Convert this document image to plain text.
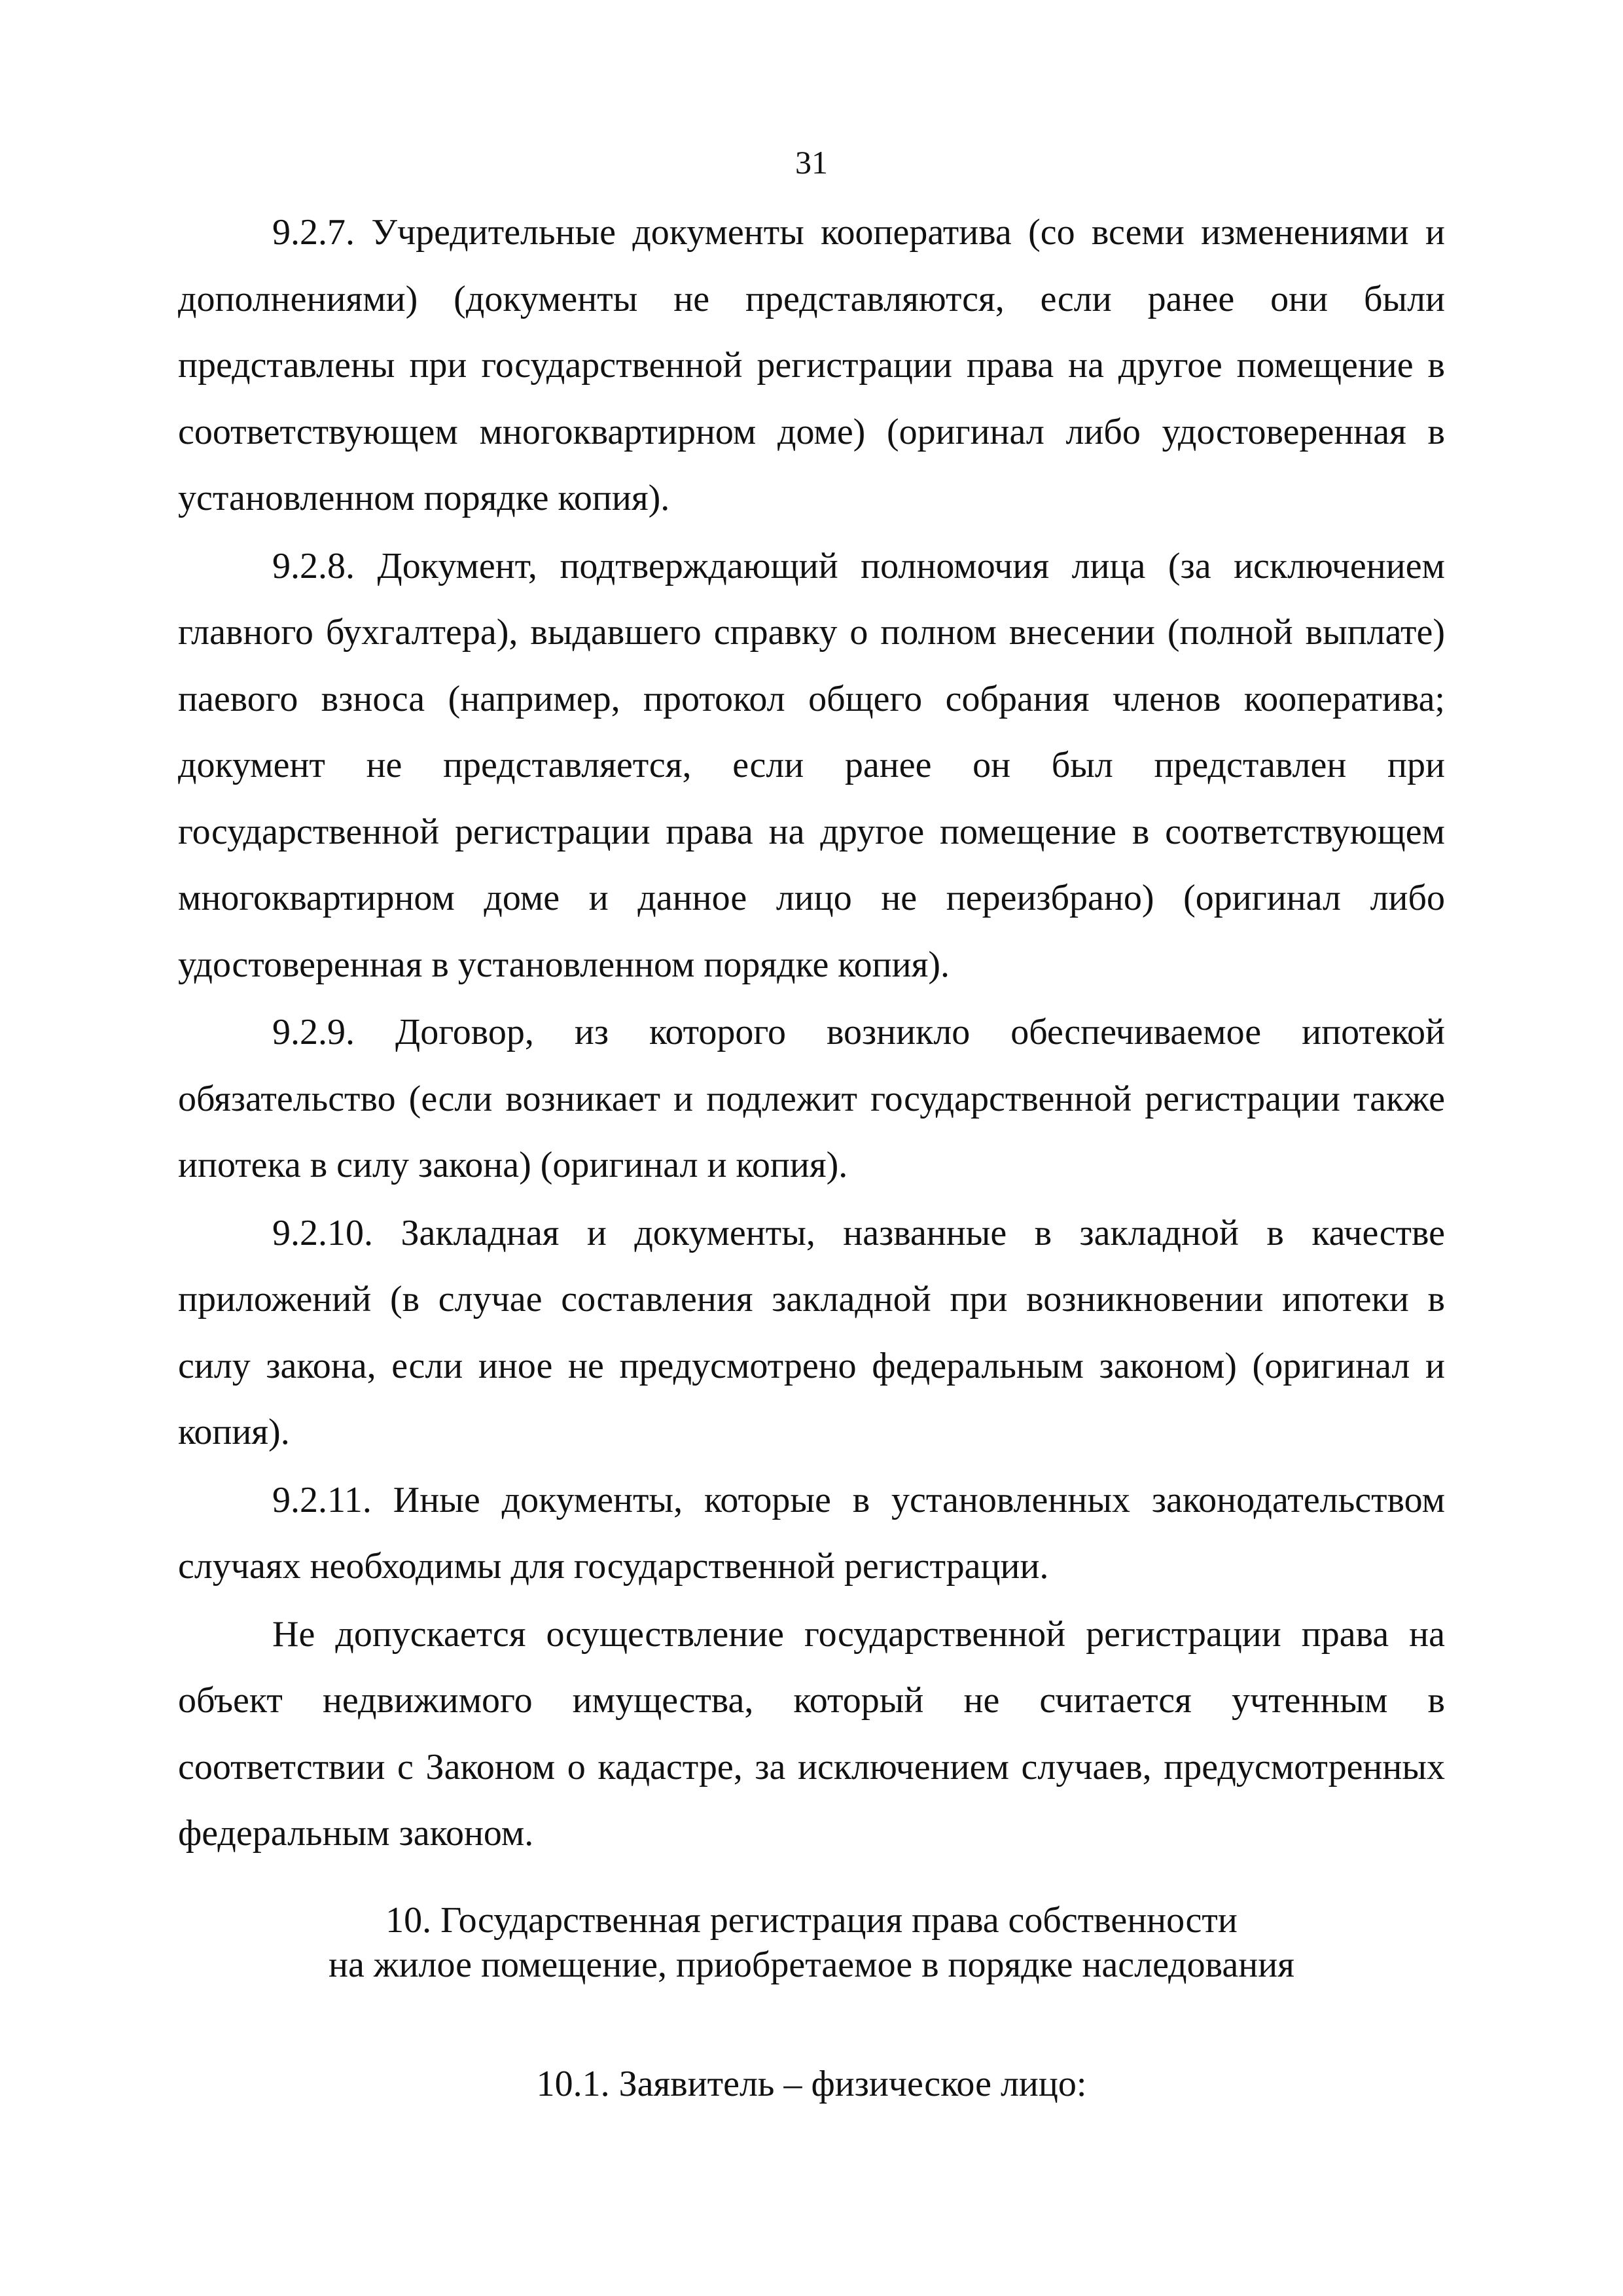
31

9.2.7. Учредительные документы кооператива (со всеми изменениями и дополнениями) (документы не представляются, если ранее они были представлены при государственной регистрации права на другое помещение в соответствующем многоквартирном доме) (оригинал либо удостоверенная в установленном порядке копия).

9.2.8. Документ, подтверждающий полномочия лица (за исключением главного бухгалтера), выдавшего справку о полном внесении (полной выплате) паевого взноса (например, протокол общего собрания членов кооператива; документ не представляется, если ранее он был представлен при государственной регистрации права на другое помещение в соответствующем многоквартирном доме и данное лицо не переизбрано) (оригинал либо удостоверенная в установленном порядке копия).

9.2.9. Договор, из которого возникло обеспечиваемое ипотекой обязательство (если возникает и подлежит государственной регистрации также ипотека в силу закона) (оригинал и копия).

9.2.10. Закладная и документы, названные в закладной в качестве приложений (в случае составления закладной при возникновении ипотеки в силу закона, если иное не предусмотрено федеральным законом) (оригинал и копия).

9.2.11. Иные документы, которые в установленных законодательством случаях необходимы для государственной регистрации.

Не допускается осуществление государственной регистрации права на объект недвижимого имущества, который не считается учтенным в соответствии с Законом о кадастре, за исключением случаев, предусмотренных федеральным законом.

10. Государственная регистрация права собственности
на жилое помещение, приобретаемое в порядке наследования
10.1. Заявитель – физическое лицо:
